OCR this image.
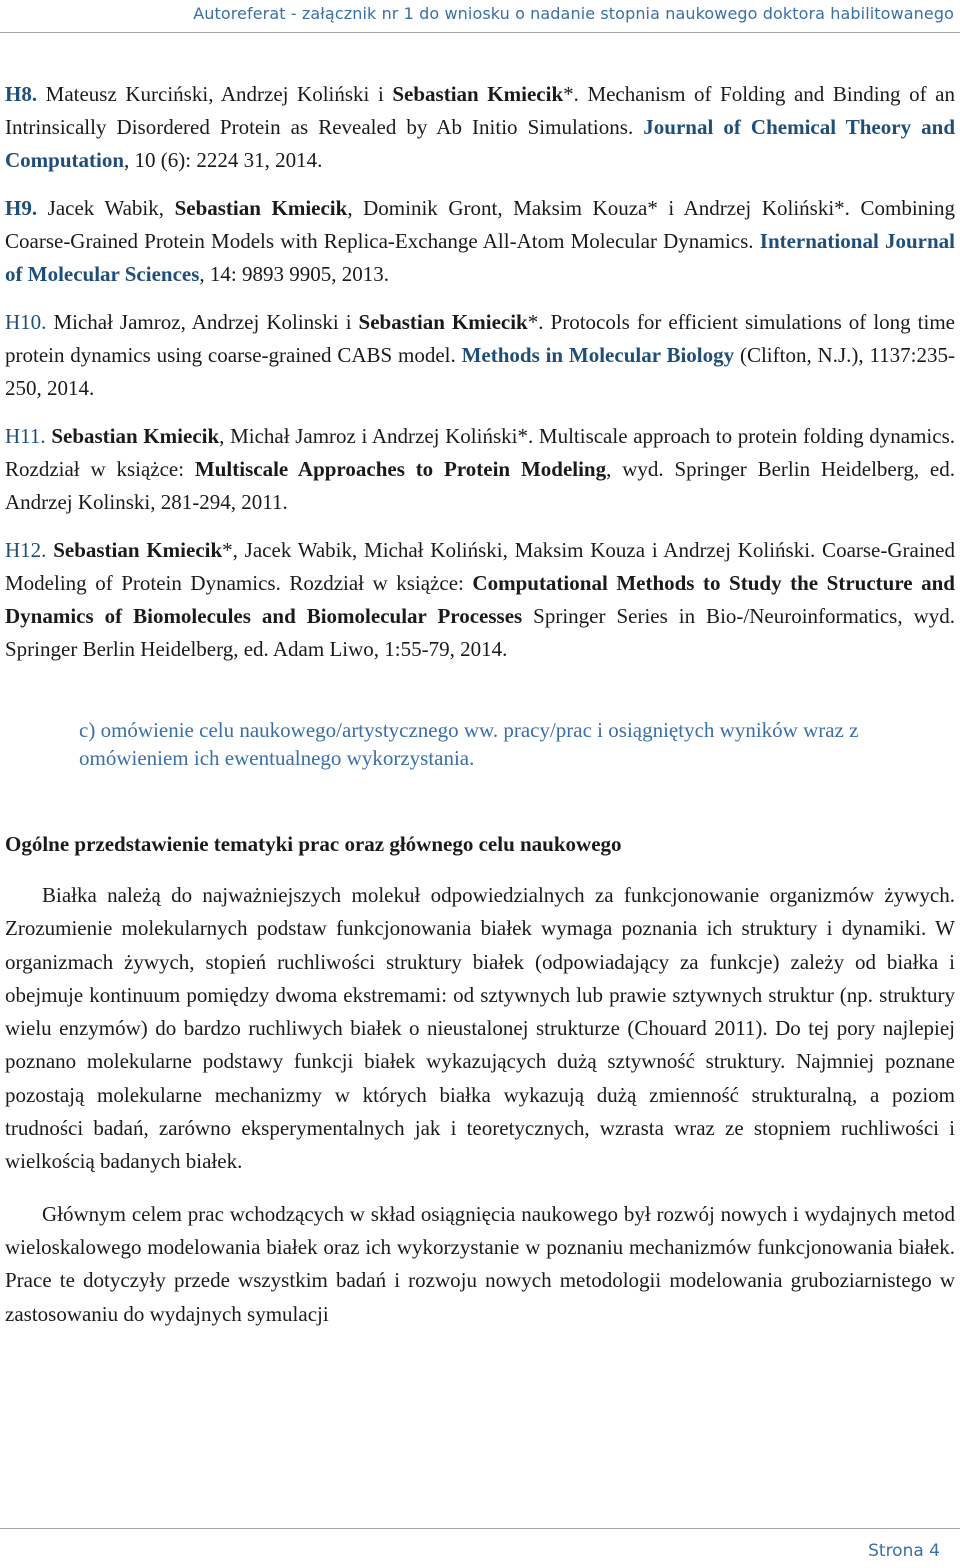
Autoreferat - załącznik nr 1 do wniosku o nadanie stopnia naukowego doktora habilitowanego

H8. Mateusz Kurciński, Andrzej Koliński i Sebastian Kmiecik*. Mechanism of Folding and Binding of an Intrinsically Disordered Protein as Revealed by Ab Initio Simulations. Journal of Chemical Theory and Computation, 10 (6): 2224 31, 2014.

H9. Jacek Wabik, Sebastian Kmiecik, Dominik Gront, Maksim Kouza* i Andrzej Koliński*. Combining Coarse-Grained Protein Models with Replica-Exchange All-Atom Molecular Dynamics. International Journal of Molecular Sciences, 14: 9893 9905, 2013.

H10. Michał Jamroz, Andrzej Kolinski i Sebastian Kmiecik*. Protocols for efficient simulations of long time protein dynamics using coarse-grained CABS model. Methods in Molecular Biology (Clifton, N.J.), 1137:235-250, 2014.

H11. Sebastian Kmiecik, Michał Jamroz i Andrzej Koliński*. Multiscale approach to protein folding dynamics. Rozdział w książce: Multiscale Approaches to Protein Modeling, wyd. Springer Berlin Heidelberg, ed. Andrzej Kolinski, 281-294, 2011.

H12. Sebastian Kmiecik*, Jacek Wabik, Michał Koliński, Maksim Kouza i Andrzej Koliński. Coarse-Grained Modeling of Protein Dynamics. Rozdział w książce: Computational Methods to Study the Structure and Dynamics of Biomolecules and Biomolecular Processes Springer Series in Bio-/Neuroinformatics, wyd. Springer Berlin Heidelberg, ed. Adam Liwo, 1:55-79, 2014.

c) omówienie celu naukowego/artystycznego ww. pracy/prac i osiągniętych wyników wraz z omówieniem ich ewentualnego wykorzystania.
Ogólne przedstawienie tematyki prac oraz głównego celu naukowego

Białka należą do najważniejszych molekuł odpowiedzialnych za funkcjonowanie organizmów żywych. Zrozumienie molekularnych podstaw funkcjonowania białek wymaga poznania ich struktury i dynamiki. W organizmach żywych, stopień ruchliwości struktury białek (odpowiadający za funkcje) zależy od białka i obejmuje kontinuum pomiędzy dwoma ekstremami: od sztywnych lub prawie sztywnych struktur (np. struktury wielu enzymów) do bardzo ruchliwych białek o nieustalonej strukturze (Chouard 2011). Do tej pory najlepiej poznano molekularne podstawy funkcji białek wykazujących dużą sztywność struktury. Najmniej poznane pozostają molekularne mechanizmy w których białka wykazują dużą zmienność strukturalną, a poziom trudności badań, zarówno eksperymentalnych jak i teoretycznych, wzrasta wraz ze stopniem ruchliwości i wielkością badanych białek.

Głównym celem prac wchodzących w skład osiągnięcia naukowego był rozwój nowych i wydajnych metod wieloskalowego modelowania białek oraz ich wykorzystanie w poznaniu mechanizmów funkcjonowania białek. Prace te dotyczyły przede wszystkim badań i rozwoju nowych metodologii modelowania gruboziarnistego w zastosowaniu do wydajnych symulacji

Strona 4
